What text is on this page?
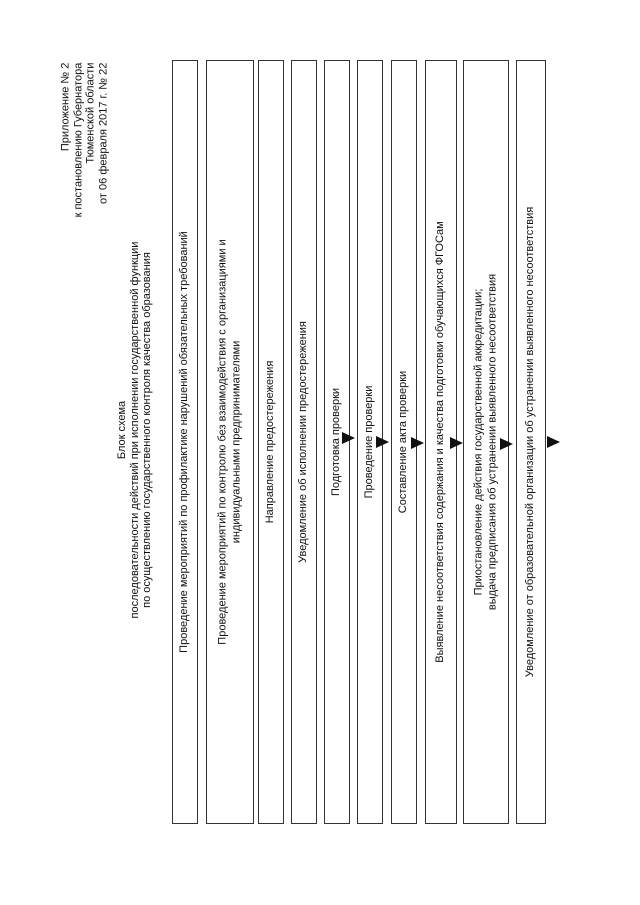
Приложение № 2 к постановлению Губернатора Тюменской области от 06 февраля 2017 г. № 22
Блок схема последовательности действий при исполнении государственной функции по осуществлению государственного контроля качества образования Проведение мероприятий по профилактике нарушений обязательных требований Проведение мероприятий по контролю без взаимодействия с организациями и индивидуальными предпринимателями Направление предостережения Уведомление об исполнении предостережения Подготовка проверки Проведение проверки Составление акта проверки Выявление несоответствия содержания и качества подготовки обучающихся ФГОСам Приостановление действия государственной аккредитации; выдача предписания об устранении выявленного несоответствия Уведомление от образовательной организации об устранении выявленного несоответствия
